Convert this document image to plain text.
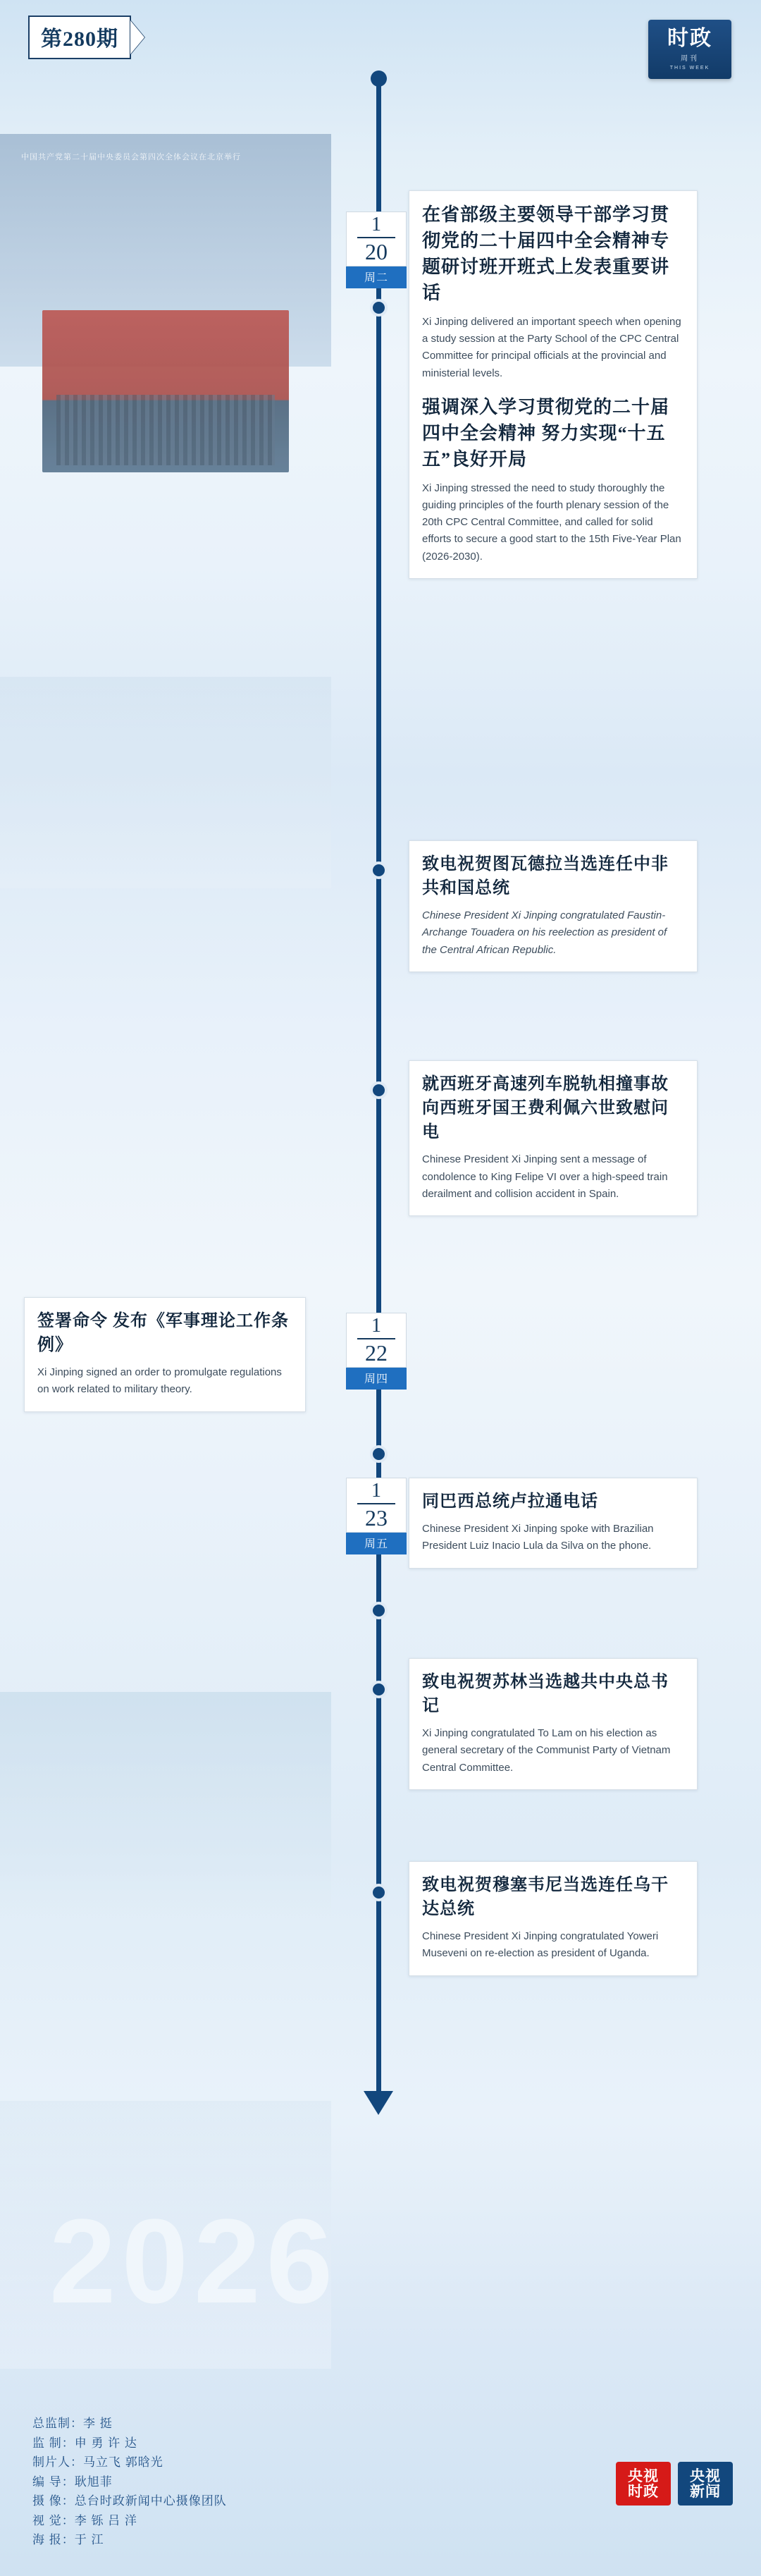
中国共产党第二十届中央委员会第四次全体会议在北京举行
2026
第280期	时政
周刊
THIS WEEK
1
20
周二
在省部级主要领导干部学习贯彻党的二十届四中全会精神专题研讨班开班式上发表重要讲话

Xi Jinping delivered an important speech when opening a study session at the Party School of the CPC Central Committee for principal officials at the provincial and ministerial levels.

强调深入学习贯彻党的二十届四中全会精神 努力实现“十五五”良好开局

Xi Jinping stressed the need to study thoroughly the guiding principles of the fourth plenary session of the 20th CPC Central Committee, and called for solid efforts to secure a good start to the 15th Five-Year Plan (2026-2030).

致电祝贺图瓦德拉当选连任中非共和国总统

Chinese President Xi Jinping congratulated Faustin-Archange Touadera on his reelection as president of the Central African Republic.

就西班牙高速列车脱轨相撞事故向西班牙国王费利佩六世致慰问电

Chinese President Xi Jinping sent a message of condolence to King Felipe VI over a high-speed train derailment and collision accident in Spain.

1
22
周四
签署命令 发布《军事理论工作条例》

Xi Jinping signed an order to promulgate regulations on work related to military theory.

1
23
周五
同巴西总统卢拉通电话

Chinese President Xi Jinping spoke with Brazilian President Luiz Inacio Lula da Silva on the phone.

致电祝贺苏林当选越共中央总书记

Xi Jinping congratulated To Lam on his election as general secretary of the Communist Party of Vietnam Central Committee.

致电祝贺穆塞韦尼当选连任乌干达总统

Chinese President Xi Jinping congratulated Yoweri Museveni on re-election as president of Uganda.

总监制：李 挺
监 制：申 勇 许 达
制片人：马立飞 郭晗光
编 导：耿旭菲
摄 像：总台时政新闻中心摄像团队
视 觉：李 铄 吕 洋
海 报：于 江
央视
时政
央视
新闻
